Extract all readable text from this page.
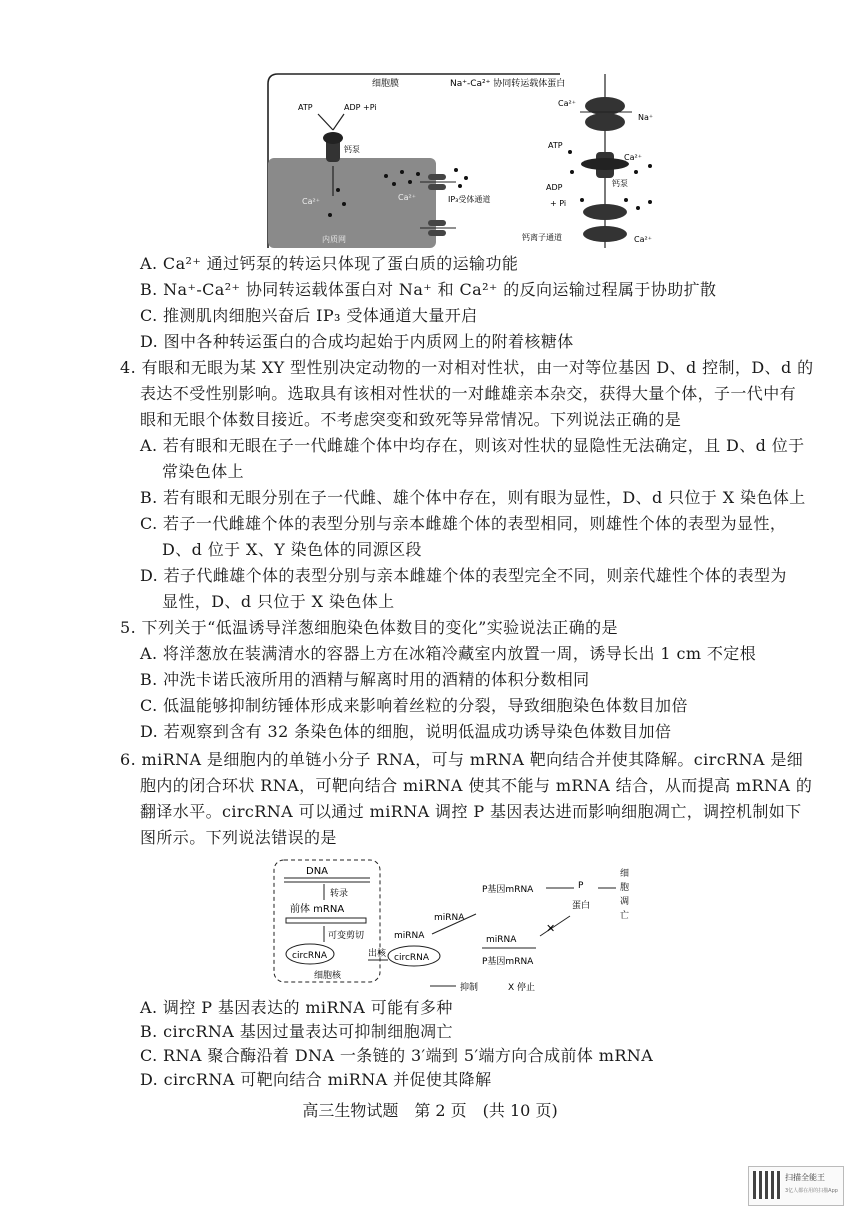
细胞膜	Na⁺-Ca²⁺ 协同转运载体蛋白
ATP	ADP +Pi
钙泵
Ca²⁺	Ca²⁺	IP₃受体通道
内质网
Ca²⁺
Na⁺
ATP
Ca²⁺
ADP
+ Pi
钙泵
钙离子通道	Ca²⁺
A. Ca²⁺ 通过钙泵的转运只体现了蛋白质的运输功能
B. Na⁺-Ca²⁺ 协同转运载体蛋白对 Na⁺ 和 Ca²⁺ 的反向运输过程属于协助扩散
C. 推测肌肉细胞兴奋后 IP₃ 受体通道大量开启
D. 图中各种转运蛋白的合成均起始于内质网上的附着核糖体
4. 有眼和无眼为某 XY 型性别决定动物的一对相对性状，由一对等位基因 D、d 控制，D、d 的
表达不受性别影响。选取具有该相对性状的一对雌雄亲本杂交，获得大量个体，子一代中有
眼和无眼个体数目接近。不考虑突变和致死等异常情况。下列说法正确的是
A. 若有眼和无眼在子一代雌雄个体中均存在，则该对性状的显隐性无法确定，且 D、d 位于
常染色体上
B. 若有眼和无眼分别在子一代雌、雄个体中存在，则有眼为显性，D、d 只位于 X 染色体上
C. 若子一代雌雄个体的表型分别与亲本雌雄个体的表型相同，则雄性个体的表型为显性，
D、d 位于 X、Y 染色体的同源区段
D. 若子代雌雄个体的表型分别与亲本雌雄个体的表型完全不同，则亲代雄性个体的表型为
显性，D、d 只位于 X 染色体上
5. 下列关于“低温诱导洋葱细胞染色体数目的变化”实验说法正确的是
A. 将洋葱放在装满清水的容器上方在冰箱冷藏室内放置一周，诱导长出 1 cm 不定根
B. 冲洗卡诺氏液所用的酒精与解离时用的酒精的体积分数相同
C. 低温能够抑制纺锤体形成来影响着丝粒的分裂，导致细胞染色体数目加倍
D. 若观察到含有 32 条染色体的细胞，说明低温成功诱导染色体数目加倍
6. miRNA 是细胞内的单链小分子 RNA，可与 mRNA 靶向结合并使其降解。circRNA 是细
胞内的闭合环状 RNA，可靶向结合 miRNA 使其不能与 mRNA 结合，从而提高 mRNA 的
翻译水平。circRNA 可以通过 miRNA 调控 P 基因表达进而影响细胞凋亡，调控机制如下
图所示。下列说法错误的是
DNA
转录
前体 mRNA
可变剪切
circRNA
细胞核
出核
miRNA
circRNA
miRNA
P基因mRNA	P
蛋白
细
胞
凋
亡
miRNA
P基因mRNA
✕
抑制	X 停止
A. 调控 P 基因表达的 miRNA 可能有多种
B. circRNA 基因过量表达可抑制细胞凋亡
C. RNA 聚合酶沿着 DNA 一条链的 3′端到 5′端方向合成前体 mRNA
D. circRNA 可靶向结合 miRNA 并促使其降解
高三生物试题　第 2 页　(共 10 页)
扫描全能王
3亿人都在用的扫描App
